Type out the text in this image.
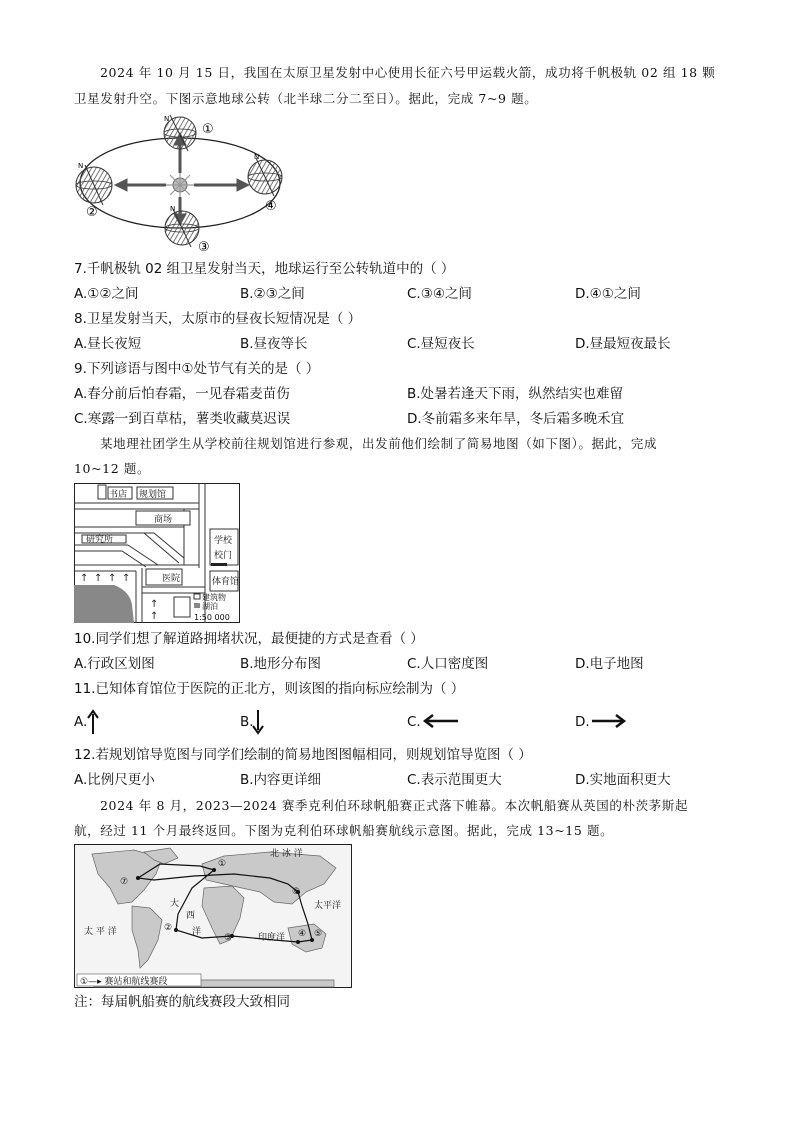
2024 年 10 月 15 日，我国在太原卫星发射中心使用长征六号甲运载火箭，成功将千帆极轨 02 组 18 颗
卫星发射升空。下图示意地球公转（北半球二分二至日）。据此，完成 7~9 题。
N
N
N
N
①
②
③
④
7.千帆极轨 02 组卫星发射当天，地球运行至公转轨道中的（ ）
A.①②之间	B.②③之间	C.③④之间	D.④①之间
8.卫星发射当天，太原市的昼夜长短情况是（ ）
A.昼长夜短	B.昼夜等长	C.昼短夜长	D.昼最短夜最长
9.下列谚语与图中①处节气有关的是（ ）
A.春分前后怕春霜，一见春霜麦苗伤	B.处暑若逢天下雨，纵然结实也难留
C.寒露一到百草枯，薯类收藏莫迟误	D.冬前霜多来年旱，冬后霜多晚禾宜
某地理社团学生从学校前往规划馆进行参观，出发前他们绘制了简易地图（如下图）。据此，完成
10~12 题。
↑ ↑ ↑ ↑
↑
↑
书店 规划馆
商场
研究所	学校
校门
医院	体育馆
建筑物
湖泊
1:50 000
10.同学们想了解道路拥堵状况，最便捷的方式是查看（ ）
A.行政区划图	B.地形分布图	C.人口密度图	D.电子地图
11.已知体育馆位于医院的正北方，则该图的指向标应绘制为（ ）
A.	B.	C.	D.
12.若规划馆导览图与同学们绘制的简易地图图幅相同，则规划馆导览图（ ）
A.比例尺更小	B.内容更详细	C.表示范围更大	D.实地面积更大
2024 年 8 月，2023—2024 赛季克利伯环球帆船赛正式落下帷幕。本次帆船赛从英国的朴茨茅斯起
航，经过 11 个月最终返回。下图为克利伯环球帆船赛航线示意图。据此，完成 13~15 题。
北 冰 洋
大
西
洋
太 平 洋
太平洋
印度洋
①
②
③	④ ⑤
⑥
⑦
①—▸ 赛站和航线赛段
注：每届帆船赛的航线赛段大致相同
